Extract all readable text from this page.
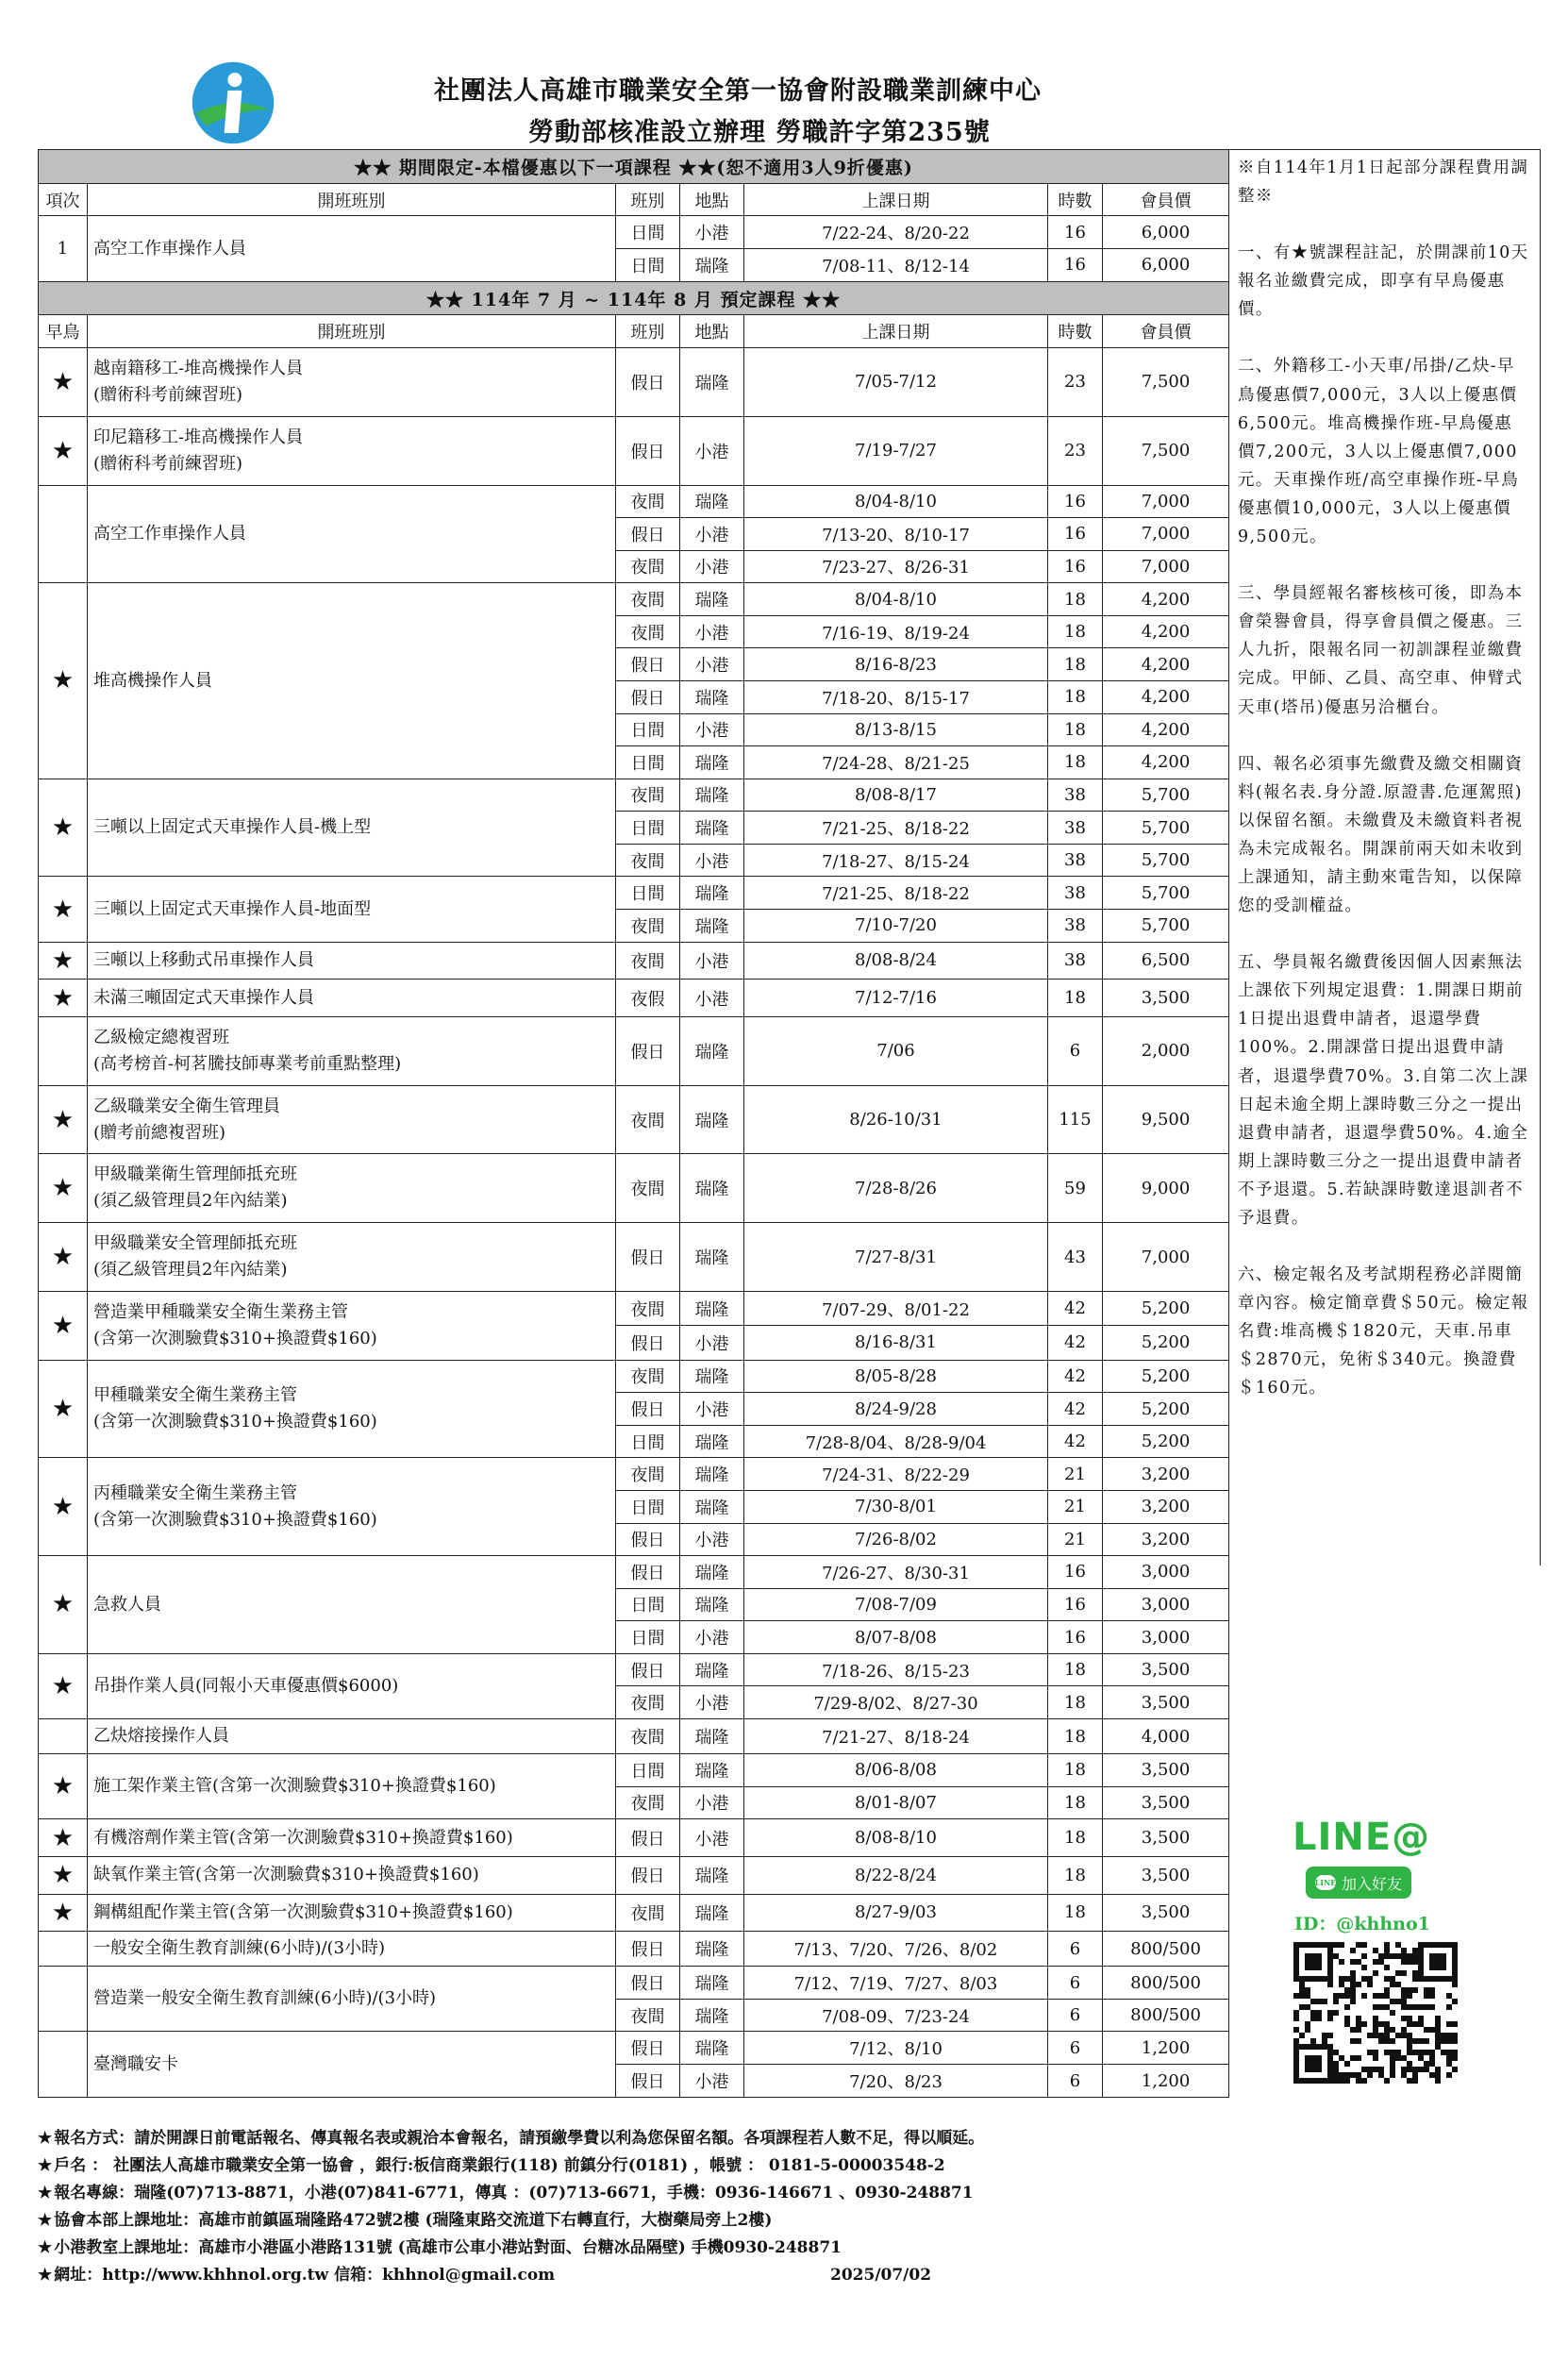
社團法人高雄市職業安全第一協會附設職業訓練中心
勞動部核准設立辦理 勞職許字第235號
★★ 期間限定-本檔優惠以下一項課程 ★★(恕不適用3人9折優惠)						
項次	開班班別	班別	地點	上課日期	時數	會員價
1	高空工作車操作人員	日間	小港	7/22-24、8/20-22	16	6,000
		日間	瑞隆	7/08-11、8/12-14	16	6,000
★★ 114年 7 月 ~ 114年 8 月 預定課程 ★★						
早鳥	開班班別	班別	地點	上課日期	時數	會員價
★	越南籍移工-堆高機操作人員
(贈術科考前練習班)	假日	瑞隆	7/05-7/12	23	7,500
★	印尼籍移工-堆高機操作人員
(贈術科考前練習班)	假日	小港	7/19-7/27	23	7,500
	高空工作車操作人員	夜間	瑞隆	8/04-8/10	16	7,000
		假日	小港	7/13-20、8/10-17	16	7,000
		夜間	小港	7/23-27、8/26-31	16	7,000
★	堆高機操作人員	夜間	瑞隆	8/04-8/10	18	4,200
		夜間	小港	7/16-19、8/19-24	18	4,200
		假日	小港	8/16-8/23	18	4,200
		假日	瑞隆	7/18-20、8/15-17	18	4,200
		日間	小港	8/13-8/15	18	4,200
		日間	瑞隆	7/24-28、8/21-25	18	4,200
★	三噸以上固定式天車操作人員-機上型	夜間	瑞隆	8/08-8/17	38	5,700
		日間	瑞隆	7/21-25、8/18-22	38	5,700
		夜間	小港	7/18-27、8/15-24	38	5,700
★	三噸以上固定式天車操作人員-地面型	日間	瑞隆	7/21-25、8/18-22	38	5,700
		夜間	瑞隆	7/10-7/20	38	5,700
★	三噸以上移動式吊車操作人員	夜間	小港	8/08-8/24	38	6,500
★	未滿三噸固定式天車操作人員	夜假	小港	7/12-7/16	18	3,500
	乙級檢定總複習班
(高考榜首-柯茗騰技師專業考前重點整理)	假日	瑞隆	7/06	6	2,000
★	乙級職業安全衛生管理員
(贈考前總複習班)	夜間	瑞隆	8/26-10/31	115	9,500
★	甲級職業衛生管理師抵充班
(須乙級管理員2年內結業)	夜間	瑞隆	7/28-8/26	59	9,000
★	甲級職業安全管理師抵充班
(須乙級管理員2年內結業)	假日	瑞隆	7/27-8/31	43	7,000
★	營造業甲種職業安全衛生業務主管
(含第一次測驗費$310+換證費$160)	夜間	瑞隆	7/07-29、8/01-22	42	5,200
		假日	小港	8/16-8/31	42	5,200
★	甲種職業安全衛生業務主管
(含第一次測驗費$310+換證費$160)	夜間	瑞隆	8/05-8/28	42	5,200
		假日	小港	8/24-9/28	42	5,200
		日間	瑞隆	7/28-8/04、8/28-9/04	42	5,200
★	丙種職業安全衛生業務主管
(含第一次測驗費$310+換證費$160)	夜間	瑞隆	7/24-31、8/22-29	21	3,200
		日間	瑞隆	7/30-8/01	21	3,200
		假日	小港	7/26-8/02	21	3,200
★	急救人員	假日	瑞隆	7/26-27、8/30-31	16	3,000
		日間	瑞隆	7/08-7/09	16	3,000
		日間	小港	8/07-8/08	16	3,000
★	吊掛作業人員(同報小天車優惠價$6000)	假日	瑞隆	7/18-26、8/15-23	18	3,500
		夜間	小港	7/29-8/02、8/27-30	18	3,500
	乙炔熔接操作人員	夜間	瑞隆	7/21-27、8/18-24	18	4,000
★	施工架作業主管(含第一次測驗費$310+換證費$160)	日間	瑞隆	8/06-8/08	18	3,500
		夜間	小港	8/01-8/07	18	3,500
★	有機溶劑作業主管(含第一次測驗費$310+換證費$160)	假日	小港	8/08-8/10	18	3,500
★	缺氧作業主管(含第一次測驗費$310+換證費$160)	假日	瑞隆	8/22-8/24	18	3,500
★	鋼構組配作業主管(含第一次測驗費$310+換證費$160)	夜間	瑞隆	8/27-9/03	18	3,500
	一般安全衛生教育訓練(6小時)/(3小時)	假日	瑞隆	7/13、7/20、7/26、8/02	6	800/500
	營造業一般安全衛生教育訓練(6小時)/(3小時)	假日	瑞隆	7/12、7/19、7/27、8/03	6	800/500
		夜間	瑞隆	7/08-09、7/23-24	6	800/500
	臺灣職安卡	假日	瑞隆	7/12、8/10	6	1,200
		假日	小港	7/20、8/23	6	1,200

※自114年1月1日起部分課程費用調整※

一、有★號課程註記，於開課前10天報名並繳費完成，即享有早鳥優惠價。

二、外籍移工-小天車/吊掛/乙炔-早鳥優惠價7,000元，3人以上優惠價6,500元。堆高機操作班-早鳥優惠價7,200元，3人以上優惠價7,000元。天車操作班/高空車操作班-早鳥優惠價10,000元，3人以上優惠價9,500元。

三、學員經報名審核核可後，即為本會榮譽會員，得享會員價之優惠。三人九折，限報名同一初訓課程並繳費完成。甲師、乙員、高空車、伸臂式天車(塔吊)優惠另洽櫃台。

四、報名必須事先繳費及繳交相關資料(報名表.身分證.原證書.危運駕照)以保留名額。未繳費及未繳資料者視為未完成報名。開課前兩天如未收到上課通知，請主動來電告知，以保障您的受訓權益。

五、學員報名繳費後因個人因素無法上課依下列規定退費：1.開課日期前1日提出退費申請者，退還學費100%。2.開課當日提出退費申請者，退還學費70%。3.自第二次上課日起未逾全期上課時數三分之一提出退費申請者，退還學費50%。4.逾全期上課時數三分之一提出退費申請者不予退還。5.若缺課時數達退訓者不予退費。

六、檢定報名及考試期程務必詳閱簡章內容。檢定簡章費＄50元。檢定報名費:堆高機＄1820元，天車.吊車＄2870元，免術＄340元。換證費＄160元。

LINE@
LINE 加入好友
ID：@khhno1
★ 報名方式：請於開課日前電話報名、傳真報名表或親洽本會報名，請預繳學費以利為您保留名額。各項課程若人數不足，得以順延。
★ 戶名 ： 社團法人高雄市職業安全第一協會 ，銀行:板信商業銀行(118) 前鎮分行(0181) ，帳號 ： 0181-5-00003548-2
★ 報名專線：瑞隆(07)713-8871，小港(07)841-6771，傳真 ：(07)713-6671，手機：0936-146671 、0930-248871
★ 協會本部上課地址：高雄市前鎮區瑞隆路472號2樓 (瑞隆東路交流道下右轉直行，大樹藥局旁上2樓)
★ 小港教室上課地址：高雄市小港區小港路131號 (高雄市公車小港站對面、台糖冰品隔壁) 手機0930-248871
★ 網址：http://www.khhnol.org.tw 信箱：khhnol@gmail.com	2025/07/02
